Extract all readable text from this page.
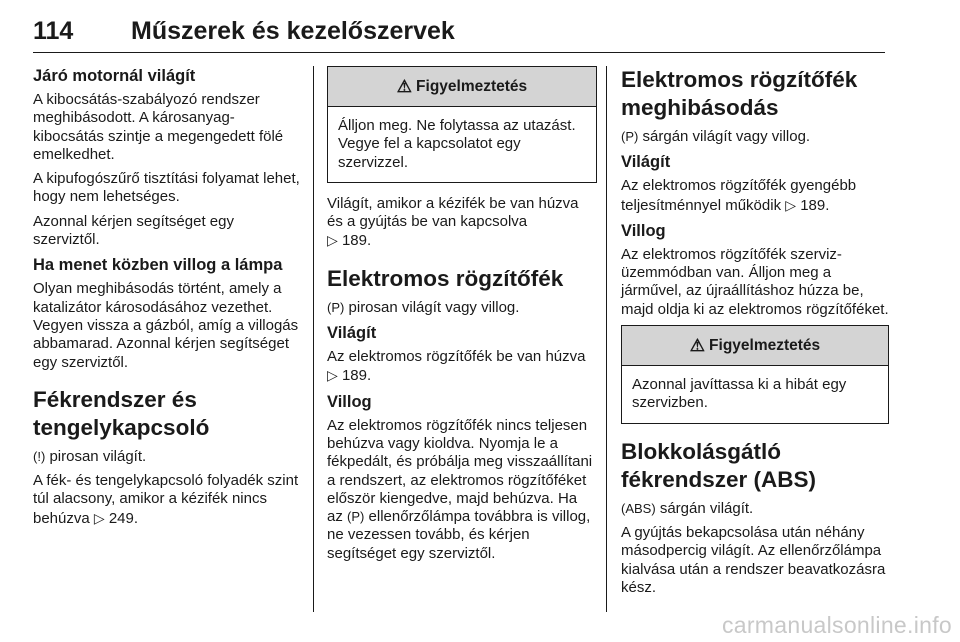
114 Műszerek és kezelőszervek
Járó motornál világít

A kibocsátás-szabályozó rendszer meghibásodott. A károsanyag-kibocsátás szintje a megengedett fölé emelkedhet.

A kipufogószűrő tisztítási folyamat lehet, hogy nem lehetséges.

Azonnal kérjen segítséget egy szerviztől.

Ha menet közben villog a lámpa

Olyan meghibásodás történt, amely a katalizátor károsodásához vezethet. Vegyen vissza a gázból, amíg a villogás abbamarad. Azonnal kérjen segítséget egy szerviztől.

Fékrendszer és tengelykapcsoló

(!) pirosan világít.

A fék- és tengelykapcsoló folyadék szint túl alacsony, amikor a kézifék nincs behúzva ▷ 249.

⚠ Figyelmeztetés
Álljon meg. Ne folytassa az utazást. Vegye fel a kapcsolatot egy szervizzel.

Világít, amikor a kézifék be van húzva és a gyújtás be van kapcsolva
▷ 189.

Elektromos rögzítőfék

(P) pirosan világít vagy villog.

Világít

Az elektromos rögzítőfék be van húzva ▷ 189.

Villog

Az elektromos rögzítőfék nincs teljesen behúzva vagy kioldva. Nyomja le a fékpedált, és próbálja meg visszaállítani a rendszert, az elektromos rögzítőféket először kiengedve, majd behúzva. Ha az (P) ellenőrzőlámpa továbbra is villog, ne vezessen tovább, és kérjen segítséget egy szerviztől.

Elektromos rögzítőfék meghibásodás

(P) sárgán világít vagy villog.

Világít

Az elektromos rögzítőfék gyengébb teljesítménnyel működik ▷ 189.

Villog

Az elektromos rögzítőfék szerviz-üzemmódban van. Álljon meg a járművel, az újraállításhoz húzza be, majd oldja ki az elektromos rögzítőféket.

⚠ Figyelmeztetés
Azonnal javíttassa ki a hibát egy szervizben.
Blokkolásgátló fékrendszer (ABS)

(ABS) sárgán világít.

A gyújtás bekapcsolása után néhány másodpercig világít. Az ellenőrzőlámpa kialvása után a rendszer beavatkozásra kész.

carmanualsonline.info
